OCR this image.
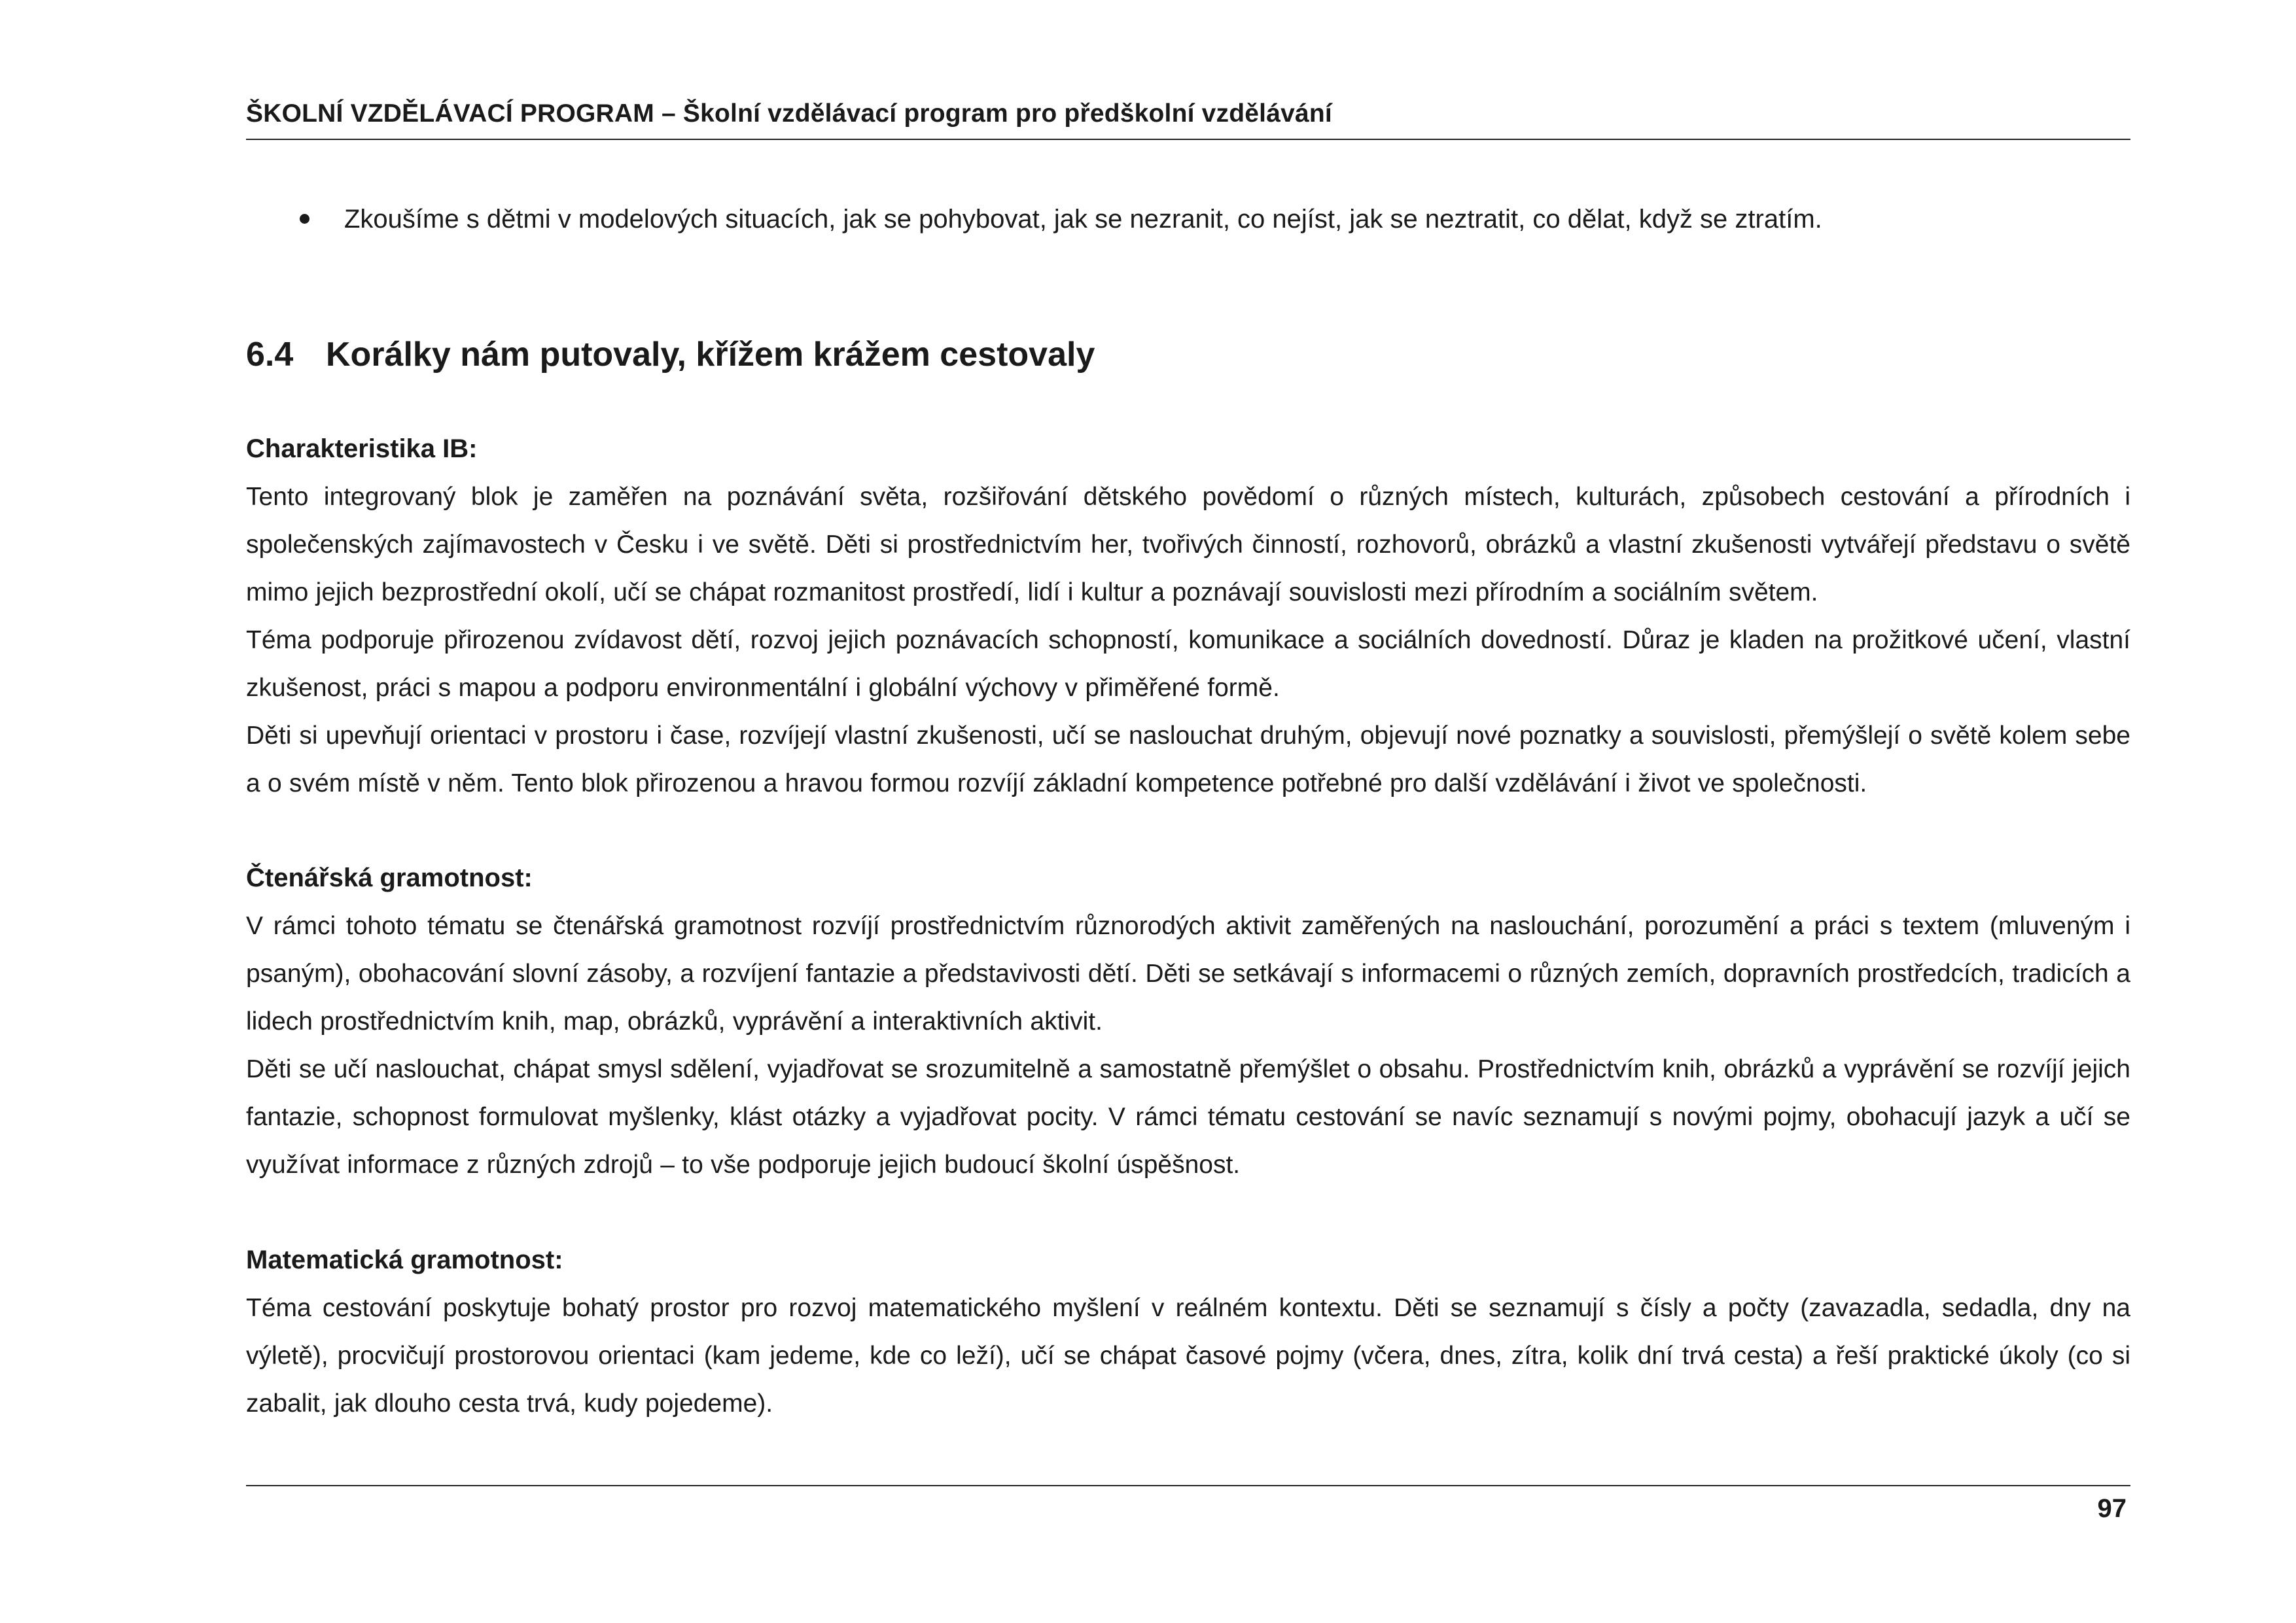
ŠKOLNÍ VZDĚLÁVACÍ PROGRAM – Školní vzdělávací program pro předškolní vzdělávání
Zkoušíme s dětmi v modelových situacích, jak se pohybovat, jak se nezranit, co nejíst, jak se neztratit, co dělat, když se ztratím.
6.4 Korálky nám putovaly, křížem krážem cestovaly

Charakteristika IB:

Tento integrovaný blok je zaměřen na poznávání světa, rozšiřování dětského povědomí o různých místech, kulturách, způsobech cestování a přírodních i společenských zajímavostech v Česku i ve světě. Děti si prostřednictvím her, tvořivých činností, rozhovorů, obrázků a vlastní zkušenosti vytvářejí představu o světě mimo jejich bezprostřední okolí, učí se chápat rozmanitost prostředí, lidí i kultur a poznávají souvislosti mezi přírodním a sociálním světem.

Téma podporuje přirozenou zvídavost dětí, rozvoj jejich poznávacích schopností, komunikace a sociálních dovedností. Důraz je kladen na prožitkové učení, vlastní zkušenost, práci s mapou a podporu environmentální i globální výchovy v přiměřené formě.

Děti si upevňují orientaci v prostoru i čase, rozvíjejí vlastní zkušenosti, učí se naslouchat druhým, objevují nové poznatky a souvislosti, přemýšlejí o světě kolem sebe a o svém místě v něm. Tento blok přirozenou a hravou formou rozvíjí základní kompetence potřebné pro další vzdělávání i život ve společnosti.

Čtenářská gramotnost:

V rámci tohoto tématu se čtenářská gramotnost rozvíjí prostřednictvím různorodých aktivit zaměřených na naslouchání, porozumění a práci s textem (mluveným i psaným), obohacování slovní zásoby, a rozvíjení fantazie a představivosti dětí. Děti se setkávají s informacemi o různých zemích, dopravních prostředcích, tradicích a lidech prostřednictvím knih, map, obrázků, vyprávění a interaktivních aktivit.

Děti se učí naslouchat, chápat smysl sdělení, vyjadřovat se srozumitelně a samostatně přemýšlet o obsahu. Prostřednictvím knih, obrázků a vyprávění se rozvíjí jejich fantazie, schopnost formulovat myšlenky, klást otázky a vyjadřovat pocity. V rámci tématu cestování se navíc seznamují s novými pojmy, obohacují jazyk a učí se využívat informace z různých zdrojů – to vše podporuje jejich budoucí školní úspěšnost.

Matematická gramotnost:

Téma cestování poskytuje bohatý prostor pro rozvoj matematického myšlení v reálném kontextu. Děti se seznamují s čísly a počty (zavazadla, sedadla, dny na výletě), procvičují prostorovou orientaci (kam jedeme, kde co leží), učí se chápat časové pojmy (včera, dnes, zítra, kolik dní trvá cesta) a řeší praktické úkoly (co si zabalit, jak dlouho cesta trvá, kudy pojedeme).

97
